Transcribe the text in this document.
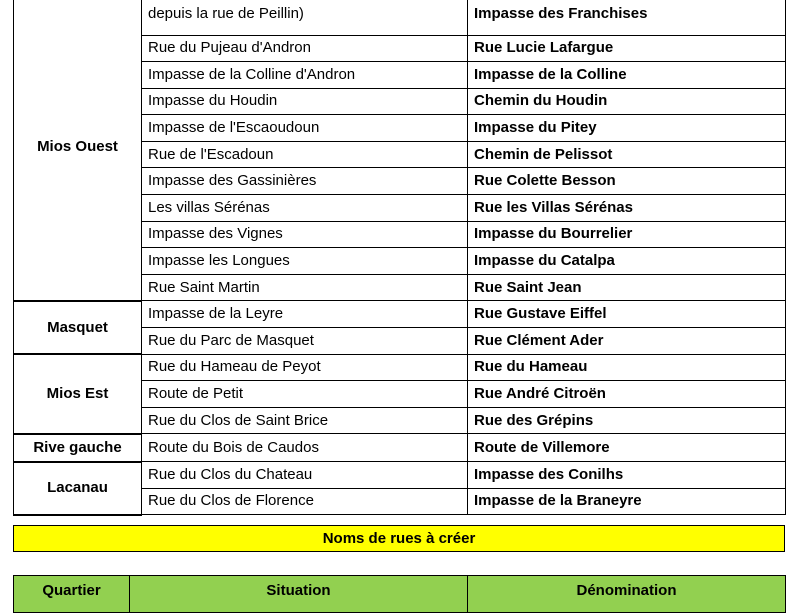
Mios Ouest	depuis la rue de Peillin)	Impasse des Franchises
	Rue du Pujeau d'Andron	Rue Lucie Lafargue
	Impasse de la Colline d'Andron	Impasse de la Colline
	Impasse du Houdin	Chemin du Houdin
	Impasse de l'Escaoudoun	Impasse du Pitey
	Rue de l'Escadoun	Chemin de Pelissot
	Impasse des Gassinières	Rue Colette Besson
	Les villas Sérénas	Rue les Villas Sérénas
	Impasse des Vignes	Impasse du Bourrelier
	Impasse les Longues	Impasse du Catalpa
	Rue Saint Martin	Rue Saint Jean
Masquet	Impasse de la Leyre	Rue Gustave Eiffel
	Rue du Parc de Masquet	Rue Clément Ader
Mios Est	Rue du Hameau de Peyot	Rue du Hameau
	Route de Petit	Rue André Citroën
	Rue du Clos de Saint Brice	Rue des Grépins
Rive gauche	Route du Bois de Caudos	Route de Villemore
Lacanau	Rue du Clos du Chateau	Impasse des Conilhs
	Rue du Clos de Florence	Impasse de la Braneyre
Noms de rues à créer
Quartier	Situation	Dénomination
